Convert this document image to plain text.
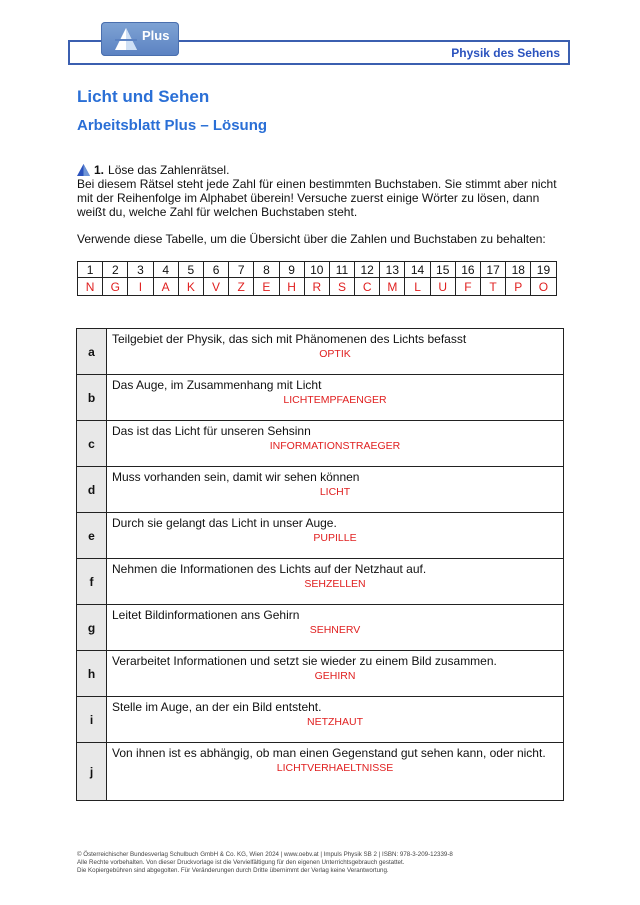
Physik des Sehens
Plus
Licht und Sehen
Arbeitsblatt Plus – Lösung
1. Löse das Zahlenrätsel.
Bei diesem Rätsel steht jede Zahl für einen bestimmten Buchstaben. Sie stimmt aber nicht mit der Reihenfolge im Alphabet überein! Versuche zuerst einige Wörter zu lösen, dann weißt du, welche Zahl für welchen Buchstaben steht.
Verwende diese Tabelle, um die Übersicht über die Zahlen und Buchstaben zu behalten:
1	2	3	4	5	6	7	8	9	10	11	12	13	14	15	16	17	18	19
N	G	I	A	K	V	Z	E	H	R	S	C	M	L	U	F	T	P	O
a	Teilgebiet der Physik, das sich mit Phänomenen des Lichts befasst
OPTIK

b	Das Auge, im Zusammenhang mit Licht
LICHTEMPFAENGER

c	Das ist das Licht für unseren Sehsinn
INFORMATIONSTRAEGER

d	Muss vorhanden sein, damit wir sehen können
LICHT

e	Durch sie gelangt das Licht in unser Auge.
PUPILLE

f	Nehmen die Informationen des Lichts auf der Netzhaut auf.
SEHZELLEN

g	Leitet Bildinformationen ans Gehirn
SEHNERV

h	Verarbeitet Informationen und setzt sie wieder zu einem Bild zusammen.
GEHIRN

i	Stelle im Auge, an der ein Bild entsteht.
NETZHAUT

j	Von ihnen ist es abhängig, ob man einen Gegenstand gut sehen kann, oder nicht.
LICHTVERHAELTNISSE
© Österreichischer Bundesverlag Schulbuch GmbH & Co. KG, Wien 2024 | www.oebv.at | Impuls Physik SB 2 | ISBN: 978-3-209-12339-8
Alle Rechte vorbehalten. Von dieser Druckvorlage ist die Vervielfältigung für den eigenen Unterrichtsgebrauch gestattet.
Die Kopiergebühren sind abgegolten. Für Veränderungen durch Dritte übernimmt der Verlag keine Verantwortung.
